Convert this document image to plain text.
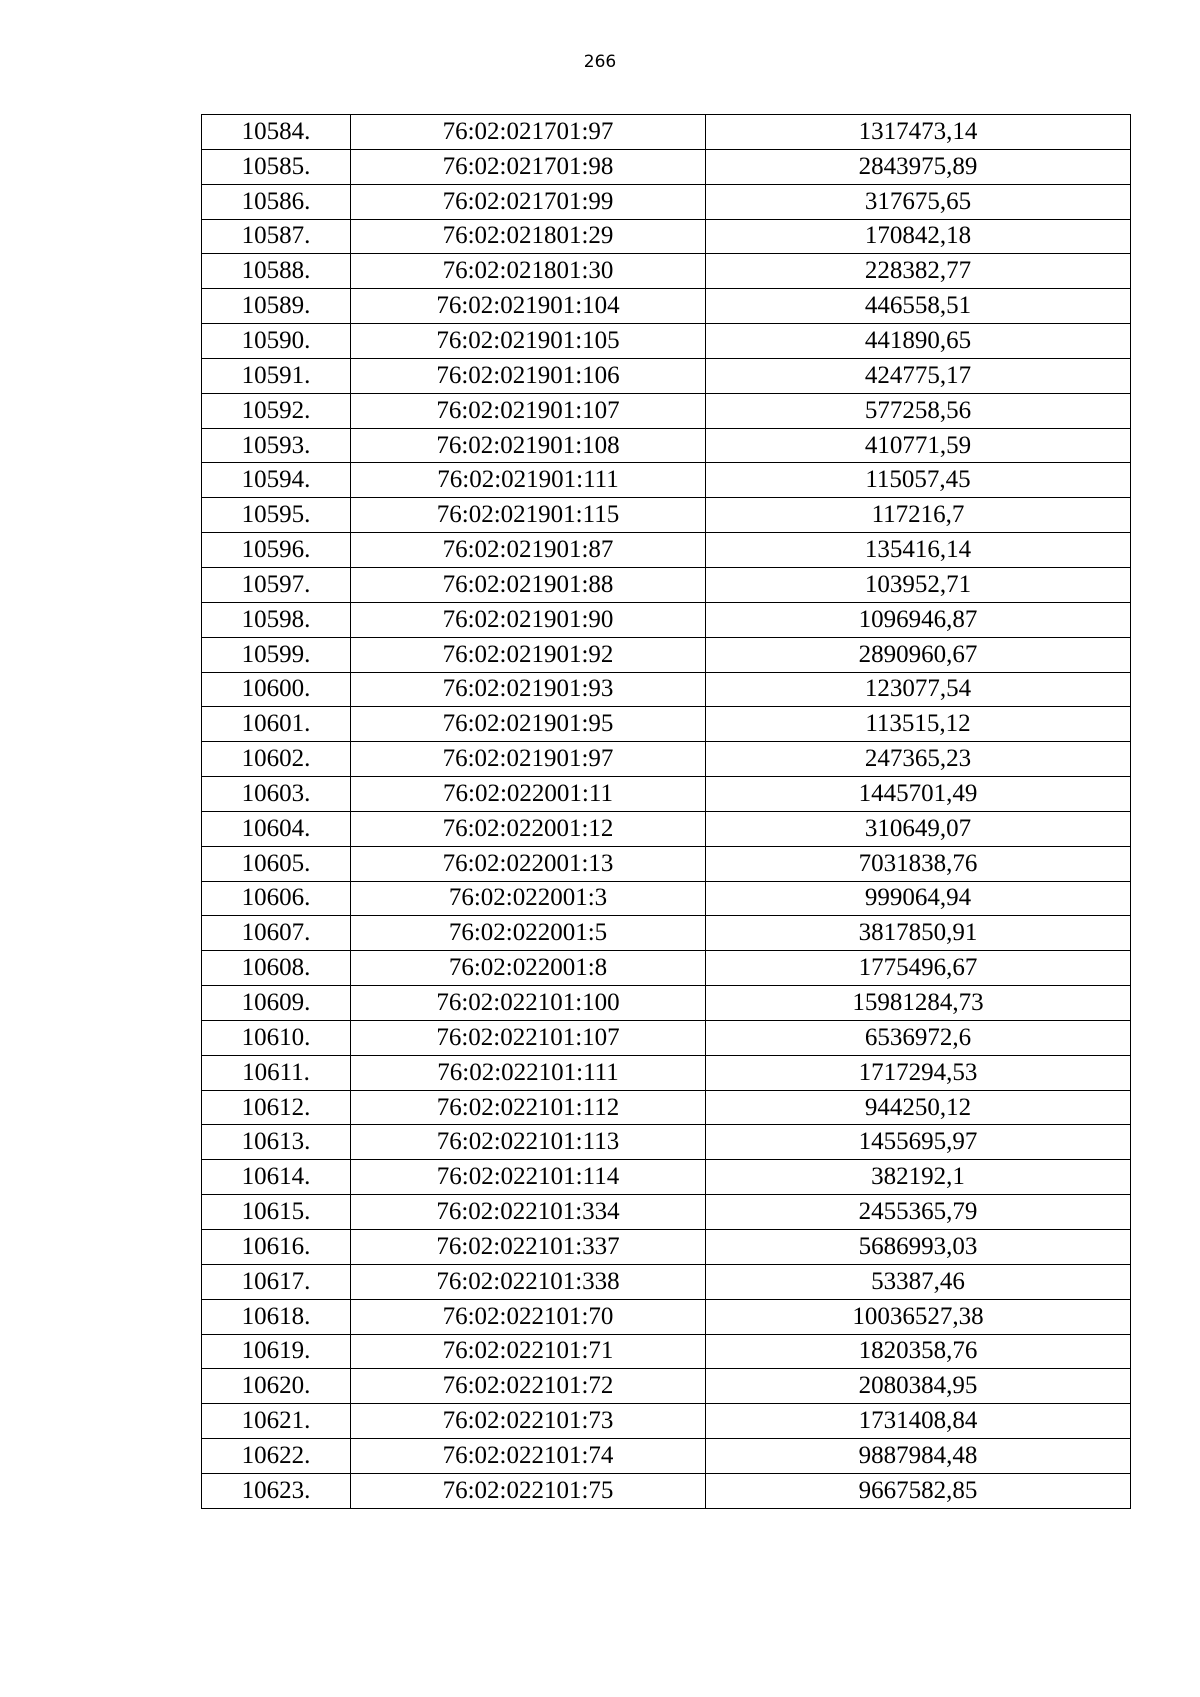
266
10584.	76:02:021701:97	1317473,14
10585.	76:02:021701:98	2843975,89
10586.	76:02:021701:99	317675,65
10587.	76:02:021801:29	170842,18
10588.	76:02:021801:30	228382,77
10589.	76:02:021901:104	446558,51
10590.	76:02:021901:105	441890,65
10591.	76:02:021901:106	424775,17
10592.	76:02:021901:107	577258,56
10593.	76:02:021901:108	410771,59
10594.	76:02:021901:111	115057,45
10595.	76:02:021901:115	117216,7
10596.	76:02:021901:87	135416,14
10597.	76:02:021901:88	103952,71
10598.	76:02:021901:90	1096946,87
10599.	76:02:021901:92	2890960,67
10600.	76:02:021901:93	123077,54
10601.	76:02:021901:95	113515,12
10602.	76:02:021901:97	247365,23
10603.	76:02:022001:11	1445701,49
10604.	76:02:022001:12	310649,07
10605.	76:02:022001:13	7031838,76
10606.	76:02:022001:3	999064,94
10607.	76:02:022001:5	3817850,91
10608.	76:02:022001:8	1775496,67
10609.	76:02:022101:100	15981284,73
10610.	76:02:022101:107	6536972,6
10611.	76:02:022101:111	1717294,53
10612.	76:02:022101:112	944250,12
10613.	76:02:022101:113	1455695,97
10614.	76:02:022101:114	382192,1
10615.	76:02:022101:334	2455365,79
10616.	76:02:022101:337	5686993,03
10617.	76:02:022101:338	53387,46
10618.	76:02:022101:70	10036527,38
10619.	76:02:022101:71	1820358,76
10620.	76:02:022101:72	2080384,95
10621.	76:02:022101:73	1731408,84
10622.	76:02:022101:74	9887984,48
10623.	76:02:022101:75	9667582,85
